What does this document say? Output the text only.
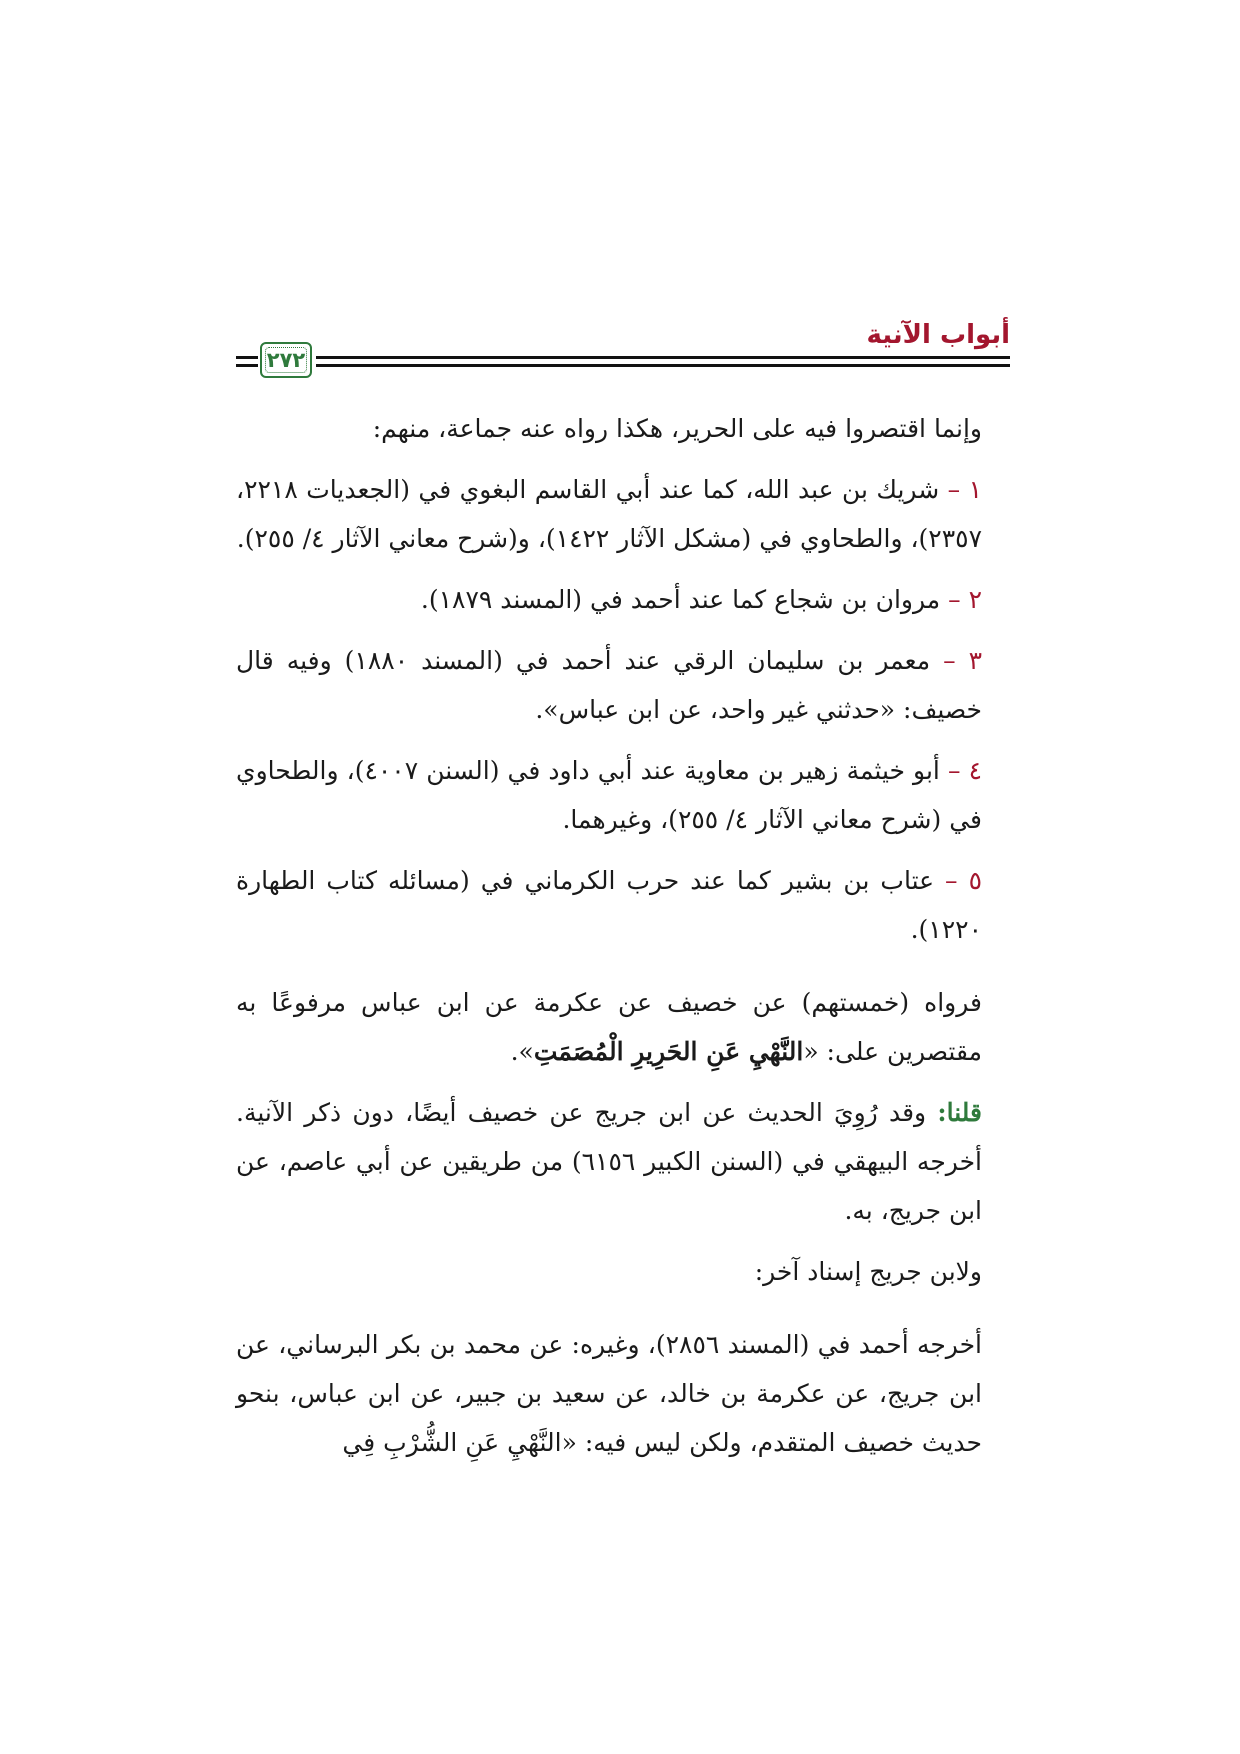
أبواب الآنية
٢٧٢

وإنما اقتصروا فيه على الحرير، هكذا رواه عنه جماعة، منهم:

١ – شريك بن عبد الله، كما عند أبي القاسم البغوي في (الجعديات ٢٢١٨، ٢٣٥٧)، والطحاوي في (مشكل الآثار ١٤٢٢)، و(شرح معاني الآثار ٤/ ٢٥٥).

٢ – مروان بن شجاع كما عند أحمد في (المسند ١٨٧٩).

٣ – معمر بن سليمان الرقي عند أحمد في (المسند ١٨٨٠) وفيه قال خصيف: «حدثني غير واحد، عن ابن عباس».

٤ – أبو خيثمة زهير بن معاوية عند أبي داود في (السنن ٤٠٠٧)، والطحاوي في (شرح معاني الآثار ٤/ ٢٥٥)، وغيرهما.

٥ – عتاب بن بشير كما عند حرب الكرماني في (مسائله كتاب الطهارة ١٢٢٠).

فرواه (خمستهم) عن خصيف عن عكرمة عن ابن عباس مرفوعًا به مقتصرين على: «النَّهْيِ عَنِ الحَرِيرِ الْمُصَمَتِ».

قلنا: وقد رُوِيَ الحديث عن ابن جريج عن خصيف أيضًا، دون ذكر الآنية. أخرجه البيهقي في (السنن الكبير ٦١٥٦) من طريقين عن أبي عاصم، عن ابن جريج، به.

ولابن جريج إسناد آخر:

أخرجه أحمد في (المسند ٢٨٥٦)، وغيره: عن محمد بن بكر البرساني، عن ابن جريج، عن عكرمة بن خالد، عن سعيد بن جبير، عن ابن عباس، بنحو حديث خصيف المتقدم، ولكن ليس فيه: «النَّهْيِ عَنِ الشُّرْبِ فِي
